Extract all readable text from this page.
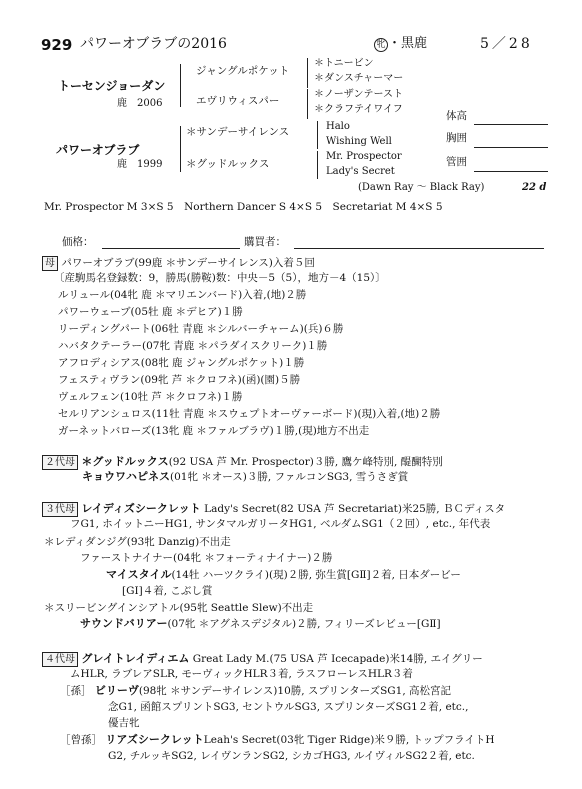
929 パワーオブラブの2016	牝 ・黒鹿	5／28
トーセンジョーダン
鹿　2006
ジャングルポケット
エヴリウィスパー
＊トニービン
＊ダンスチャーマー
＊ノーザンテースト
＊クラフテイワイフ
パワーオブラブ
鹿　1999
＊サンデーサイレンス
＊グッドルックス
Halo
Wishing Well
Mr. Prospector
Lady's Secret
(Dawn Ray 〜 Black Ray)	22 d
体高
胸囲
管囲
Mr. Prospector M 3×S 5　Northern Dancer S 4×S 5　Secretariat M 4×S 5
価格：	購買者：
母 パワーオブラブ(99鹿 ＊サンデーサイレンス)入着５回
〔産駒馬名登録数：9，勝馬(勝鞍)数：中央－5（5），地方－4（15）〕
ルリュール(04牝 鹿 ＊マリエンバード)入着,(地)２勝
パワーウェーブ(05牡 鹿 ＊デヒア)１勝
リーディングパート(06牡 青鹿 ＊シルバーチャーム)(兵)６勝
ハバタクテーラー(07牝 青鹿 ＊パラダイスクリーク)１勝
アフロディシアス(08牝 鹿 ジャングルポケット)１勝
フェスティヴラン(09牝 芦 ＊クロフネ)(函)(園)５勝
ヴェルフェン(10牡 芦 ＊クロフネ)１勝
セルリアンシュロス(11牡 青鹿 ＊スウェプトオーヴァーボード)(現)入着,(地)２勝
ガーネットバローズ(13牝 鹿 ＊ファルブラヴ)１勝,(現)地方不出走
２代母 ＊グッドルックス(92 USA 芦 Mr. Prospector)３勝, 鷹ケ峰特別, 醍醐特別
キョウワハピネス(01牝 ＊オース)３勝, ファルコンSG3, 雪うさぎ賞
３代母 レイディズシークレット Lady's Secret(82 USA 芦 Secretariat)米25勝, ＢＣディスタ
フG1, ホイットニーHG1, サンタマルガリータHG1, ベルダムSG1（２回）, etc., 年代表
＊レディダンジグ(93牝 Danzig)不出走
ファーストナイナー(04牝 ＊フォーティナイナー)２勝
マイスタイル(14牡 ハーツクライ)(現)２勝, 弥生賞[GⅡ]２着, 日本ダービー
[GⅠ]４着, こぶし賞
＊スリービングインシアトル(95牝 Seattle Slew)不出走
サウンドバリアー(07牝 ＊アグネスデジタル)２勝, フィリーズレビュー[GⅡ]
４代母 グレイトレイディエム Great Lady M.(75 USA 芦 Icecapade)米14勝, エイグリー
ムHLR, ラブレアSLR, モーヴィックHLR３着, ラスフローレスHLR３着
［孫］ ビリーヴ(98牝 ＊サンデーサイレンス)10勝, スプリンターズSG1, 高松宮記
念G1, 函館スプリントSG3, セントウルSG3, スプリンターズSG1２着, etc.,
優吉牝
［曾孫］ リアズシークレットLeah's Secret(03牝 Tiger Ridge)米９勝, トップフライトH
G2, チルッキSG2, レイヴンランSG2, シカゴHG3, ルイヴィルSG2２着, etc.
